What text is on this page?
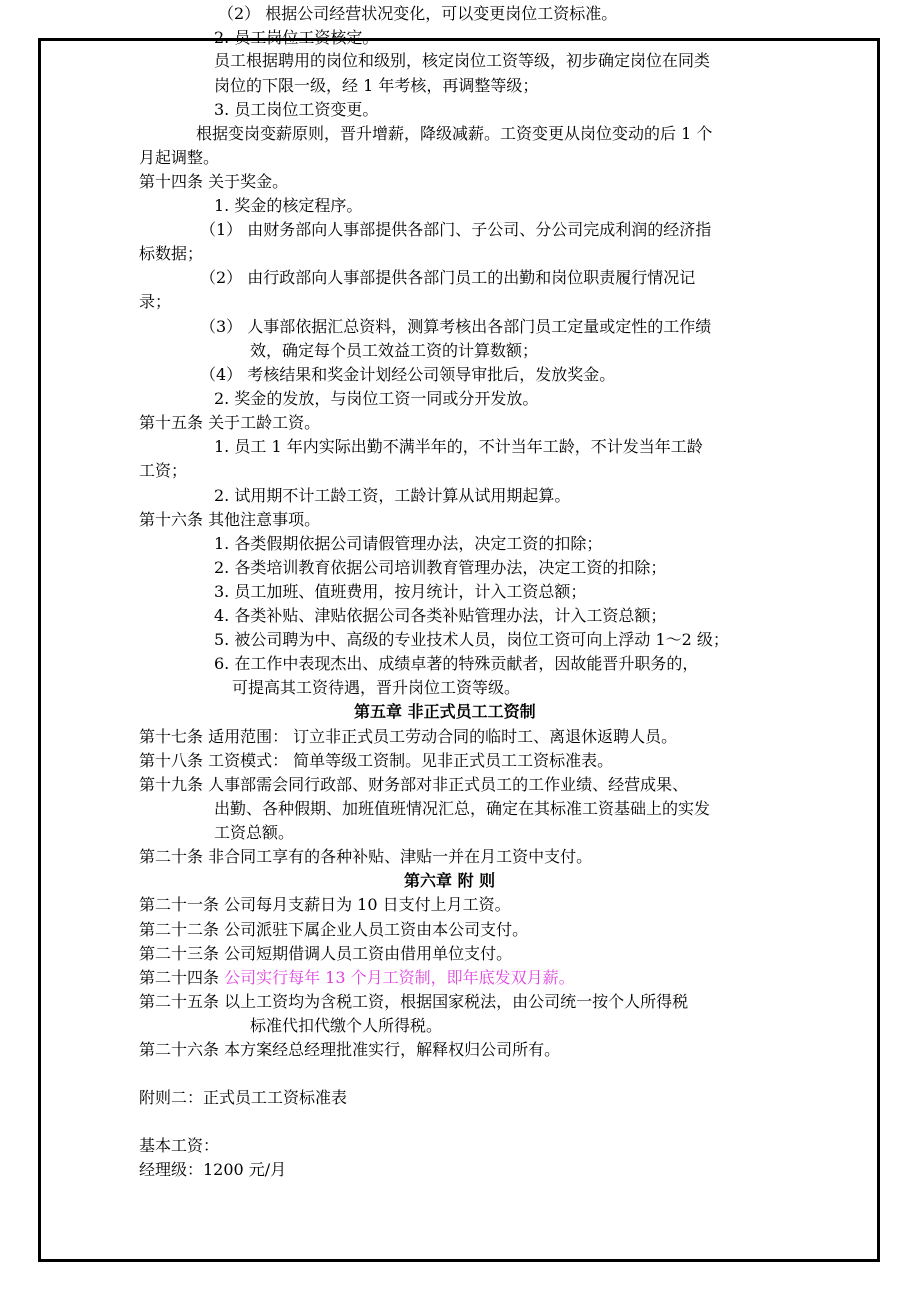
（2） 根据公司经营状况变化，可以变更岗位工资标准。
2. 员工岗位工资核定。
员工根据聘用的岗位和级别，核定岗位工资等级，初步确定岗位在同类
岗位的下限一级，经 1 年考核，再调整等级；
3. 员工岗位工资变更。
根据变岗变薪原则，晋升增薪，降级减薪。工资变更从岗位变动的后 1 个
月起调整。
第十四条 关于奖金。
1. 奖金的核定程序。
（1） 由财务部向人事部提供各部门、子公司、分公司完成利润的经济指
标数据；
（2） 由行政部向人事部提供各部门员工的出勤和岗位职责履行情况记
录；
（3） 人事部依据汇总资料，测算考核出各部门员工定量或定性的工作绩
效，确定每个员工效益工资的计算数额；
（4） 考核结果和奖金计划经公司领导审批后，发放奖金。
2. 奖金的发放，与岗位工资一同或分开发放。
第十五条 关于工龄工资。
1. 员工 1 年内实际出勤不满半年的，不计当年工龄，不计发当年工龄
工资；
2. 试用期不计工龄工资，工龄计算从试用期起算。
第十六条 其他注意事项。
1. 各类假期依据公司请假管理办法，决定工资的扣除；
2. 各类培训教育依据公司培训教育管理办法，决定工资的扣除；
3. 员工加班、值班费用，按月统计，计入工资总额；
4. 各类补贴、津贴依据公司各类补贴管理办法，计入工资总额；
5. 被公司聘为中、高级的专业技术人员，岗位工资可向上浮动 1～2 级；
6. 在工作中表现杰出、成绩卓著的特殊贡献者，因故能晋升职务的，
可提高其工资待遇，晋升岗位工资等级。
第五章 非正式员工工资制
第十七条 适用范围： 订立非正式员工劳动合同的临时工、离退休返聘人员。
第十八条 工资模式： 简单等级工资制。见非正式员工工资标准表。
第十九条 人事部需会同行政部、财务部对非正式员工的工作业绩、经营成果、
出勤、各种假期、加班值班情况汇总，确定在其标准工资基础上的实发
工资总额。
第二十条 非合同工享有的各种补贴、津贴一并在月工资中支付。
第六章 附 则
第二十一条 公司每月支薪日为 10 日支付上月工资。
第二十二条 公司派驻下属企业人员工资由本公司支付。
第二十三条 公司短期借调人员工资由借用单位支付。
第二十四条 公司实行每年 13 个月工资制，即年底发双月薪。
第二十五条 以上工资均为含税工资，根据国家税法，由公司统一按个人所得税
标准代扣代缴个人所得税。
第二十六条 本方案经总经理批准实行，解释权归公司所有。
附则二：正式员工工资标准表
基本工资：
经理级：1200 元/月
